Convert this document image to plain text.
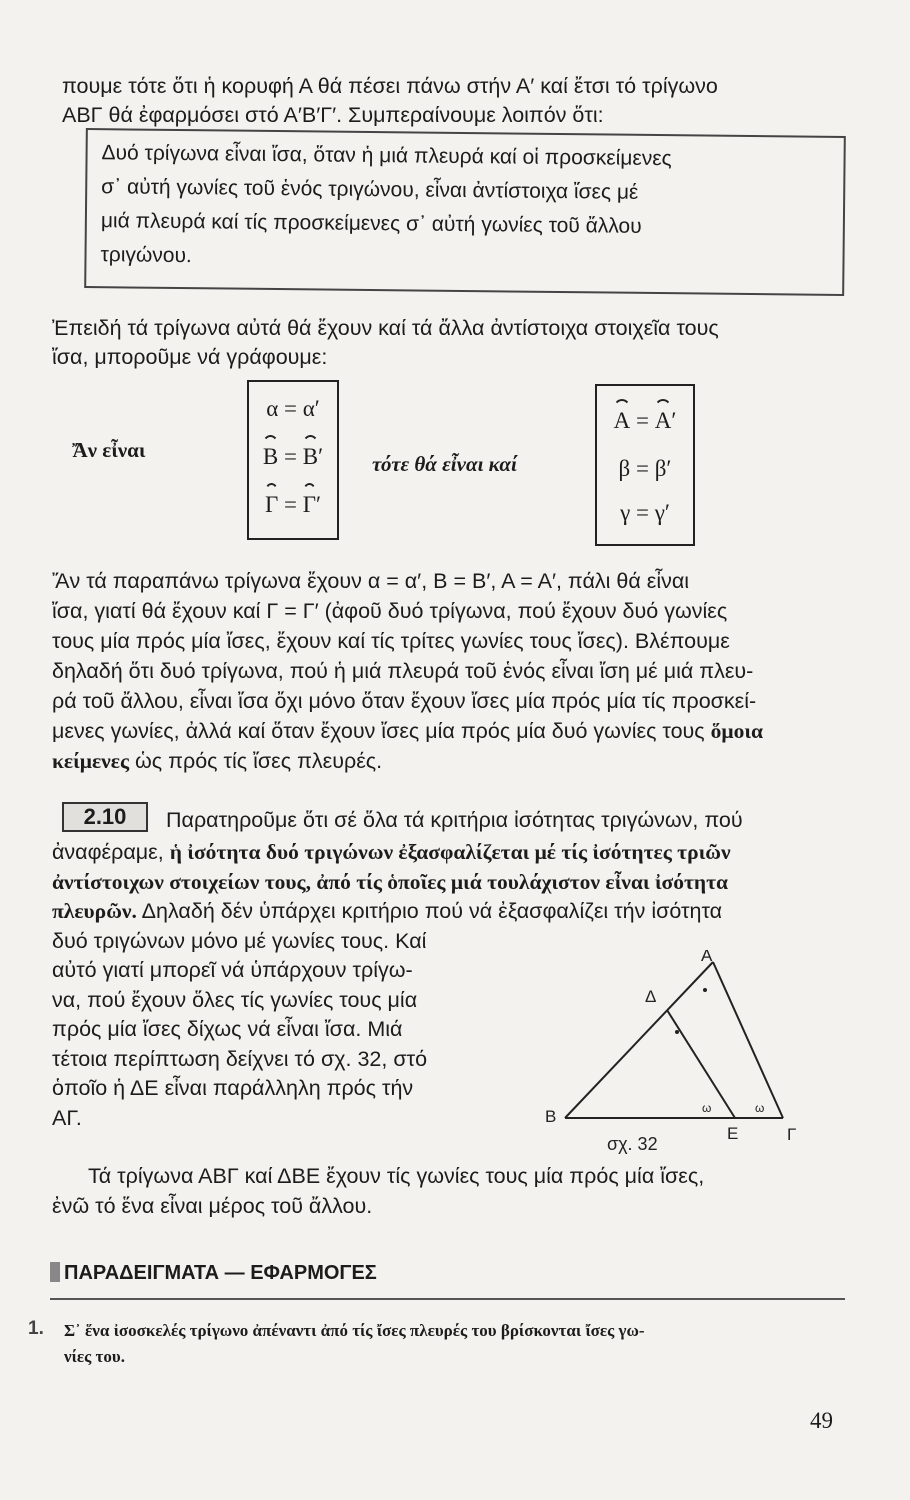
πουμε τότε ὅτι ἡ κορυφή Α θά πέσει πάνω στήν Α′ καί ἔτσι τό τρίγωνο
ΑΒΓ θά ἐφαρμόσει στό Α′Β′Γ′. Συμπεραίνουμε λοιπόν ὅτι:
Δυό τρίγωνα εἶναι ἴσα, ὅταν ἡ μιά πλευρά καί οἱ προσκείμενες
σ᾽ αὐτή γωνίες τοῦ ἑνός τριγώνου, εἶναι ἀντίστοιχα ἴσες μέ
μιά πλευρά καί τίς προσκείμενες σ᾽ αὐτή γωνίες τοῦ ἄλλου
τριγώνου.
Ἐπειδή τά τρίγωνα αὐτά θά ἔχουν καί τά ἄλλα ἀντίστοιχα στοιχεῖα τους
ἴσα, μποροῦμε νά γράφουμε:
Ἄν εἶναι
α = α′
Β = Β′
Γ = Γ′
τότε θά εἶναι καί
Α = Α′
β = β′
γ = γ′
Ἄν τά παραπάνω τρίγωνα ἔχουν α = α′, Β = Β′, Α = Α′, πάλι θά εἶναι
ἴσα, γιατί θά ἔχουν καί Γ = Γ′ (ἀφοῦ δυό τρίγωνα, πού ἔχουν δυό γωνίες
τους μία πρός μία ἴσες, ἔχουν καί τίς τρίτες γωνίες τους ἴσες). Βλέπουμε
δηλαδή ὅτι δυό τρίγωνα, πού ἡ μιά πλευρά τοῦ ἑνός εἶναι ἴση μέ μιά πλευ-
ρά τοῦ ἄλλου, εἶναι ἴσα ὄχι μόνο ὅταν ἔχουν ἴσες μία πρός μία τίς προσκεί-
μενες γωνίες, ἀλλά καί ὅταν ἔχουν ἴσες μία πρός μία δυό γωνίες τους ὅμοια
κείμενες ὡς πρός τίς ἴσες πλευρές.
2.10	Παρατηροῦμε ὅτι σέ ὅλα τά κριτήρια ἰσότητας τριγώνων, πού
ἀναφέραμε, ἡ ἰσότητα δυό τριγώνων ἐξασφαλίζεται μέ τίς ἰσότητες τριῶν
ἀντίστοιχων στοιχείων τους, ἀπό τίς ὁποῖες μιά τουλάχιστον εἶναι ἰσότητα
πλευρῶν. Δηλαδή δέν ὑπάρχει κριτήριο πού νά ἐξασφαλίζει τήν ἰσότητα
δυό τριγώνων μόνο μέ γωνίες τους. Καί
αὐτό γιατί μπορεῖ νά ὑπάρχουν τρίγω-
να, πού ἔχουν ὅλες τίς γωνίες τους μία
πρός μία ἴσες δίχως νά εἶναι ἴσα. Μιά
τέτοια περίπτωση δείχνει τό σχ. 32, στό
ὁποῖο ἡ ΔΕ εἶναι παράλληλη πρός τήν
ΑΓ.
Α
Δ
Β
Ε	Γ
ω	ω
σχ. 32
Τά τρίγωνα ΑΒΓ καί ΔΒΕ ἔχουν τίς γωνίες τους μία πρός μία ἴσες,
ἐνῶ τό ἕνα εἶναι μέρος τοῦ ἄλλου.
ΠΑΡΑΔΕΙΓΜΑΤΑ — ΕΦΑΡΜΟΓΕΣ
1. Σ᾽ ἕνα ἰσοσκελές τρίγωνο ἀπέναντι ἀπό τίς ἴσες πλευρές του βρίσκονται ἴσες γω-
νίες του.
49
